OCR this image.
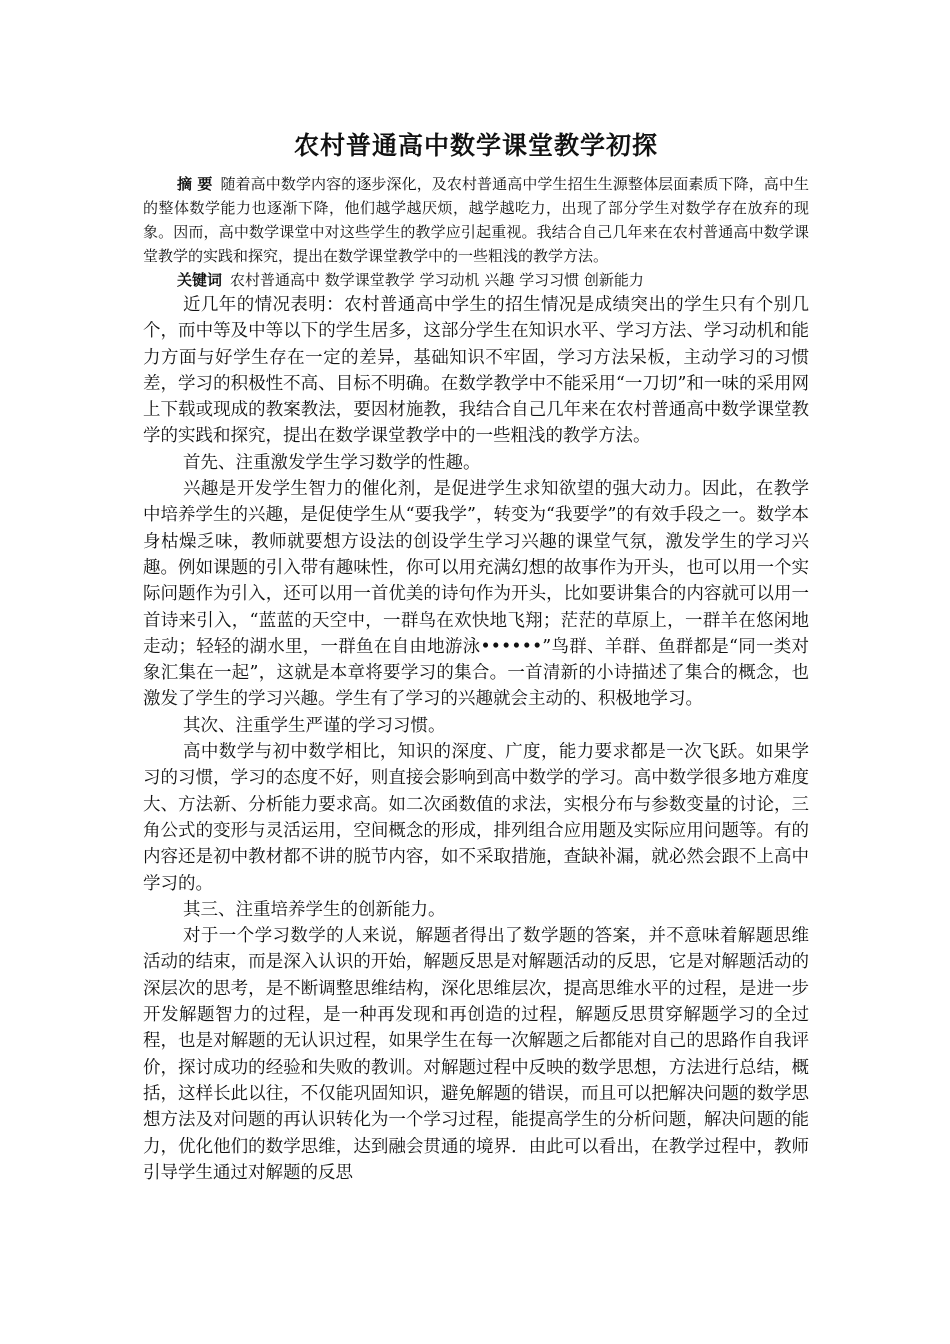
农村普通高中数学课堂教学初探

摘 要 随着高中数学内容的逐步深化，及农村普通高中学生招生生源整体层面素质下降，高中生的整体数学能力也逐渐下降，他们越学越厌烦，越学越吃力，出现了部分学生对数学存在放弃的现象。因而，高中数学课堂中对这些学生的教学应引起重视。我结合自己几年来在农村普通高中数学课堂教学的实践和探究，提出在数学课堂教学中的一些粗浅的教学方法。

关键词 农村普通高中 数学课堂教学 学习动机 兴趣 学习习惯 创新能力

近几年的情况表明：农村普通高中学生的招生情况是成绩突出的学生只有个别几个，而中等及中等以下的学生居多，这部分学生在知识水平、学习方法、学习动机和能力方面与好学生存在一定的差异，基础知识不牢固，学习方法呆板，主动学习的习惯差，学习的积极性不高、目标不明确。在数学教学中不能采用“一刀切”和一味的采用网上下载或现成的教案教法，要因材施教，我结合自己几年来在农村普通高中数学课堂教学的实践和探究，提出在数学课堂教学中的一些粗浅的教学方法。

首先、注重激发学生学习数学的性趣。

兴趣是开发学生智力的催化剂，是促进学生求知欲望的强大动力。因此，在教学中培养学生的兴趣，是促使学生从“要我学”，转变为“我要学”的有效手段之一。数学本身枯燥乏味，教师就要想方设法的创设学生学习兴趣的课堂气氛，激发学生的学习兴趣。例如课题的引入带有趣味性，你可以用充满幻想的故事作为开头，也可以用一个实际问题作为引入，还可以用一首优美的诗句作为开头，比如要讲集合的内容就可以用一首诗来引入，“蓝蓝的天空中，一群鸟在欢快地飞翔；茫茫的草原上，一群羊在悠闲地走动；轻轻的湖水里，一群鱼在自由地游泳••••••”鸟群、羊群、鱼群都是“同一类对象汇集在一起”，这就是本章将要学习的集合。一首清新的小诗描述了集合的概念，也激发了学生的学习兴趣。学生有了学习的兴趣就会主动的、积极地学习。

其次、注重学生严谨的学习习惯。

高中数学与初中数学相比，知识的深度、广度，能力要求都是一次飞跃。如果学习的习惯，学习的态度不好，则直接会影响到高中数学的学习。高中数学很多地方难度大、方法新、分析能力要求高。如二次函数值的求法，实根分布与参数变量的讨论，三角公式的变形与灵活运用，空间概念的形成，排列组合应用题及实际应用问题等。有的内容还是初中教材都不讲的脱节内容，如不采取措施，查缺补漏，就必然会跟不上高中学习的。

其三、注重培养学生的创新能力。

对于一个学习数学的人来说，解题者得出了数学题的答案，并不意味着解题思维活动的结束，而是深入认识的开始，解题反思是对解题活动的反思，它是对解题活动的深层次的思考，是不断调整思维结构，深化思维层次，提高思维水平的过程，是进一步开发解题智力的过程，是一种再发现和再创造的过程，解题反思贯穿解题学习的全过程，也是对解题的无认识过程，如果学生在每一次解题之后都能对自己的思路作自我评价，探讨成功的经验和失败的教训。对解题过程中反映的数学思想，方法进行总结，概括，这样长此以往，不仅能巩固知识，避免解题的错误，而且可以把解决问题的数学思想方法及对问题的再认识转化为一个学习过程，能提高学生的分析问题，解决问题的能力，优化他们的数学思维，达到融会贯通的境界．由此可以看出，在教学过程中，教师引导学生通过对解题的反思
